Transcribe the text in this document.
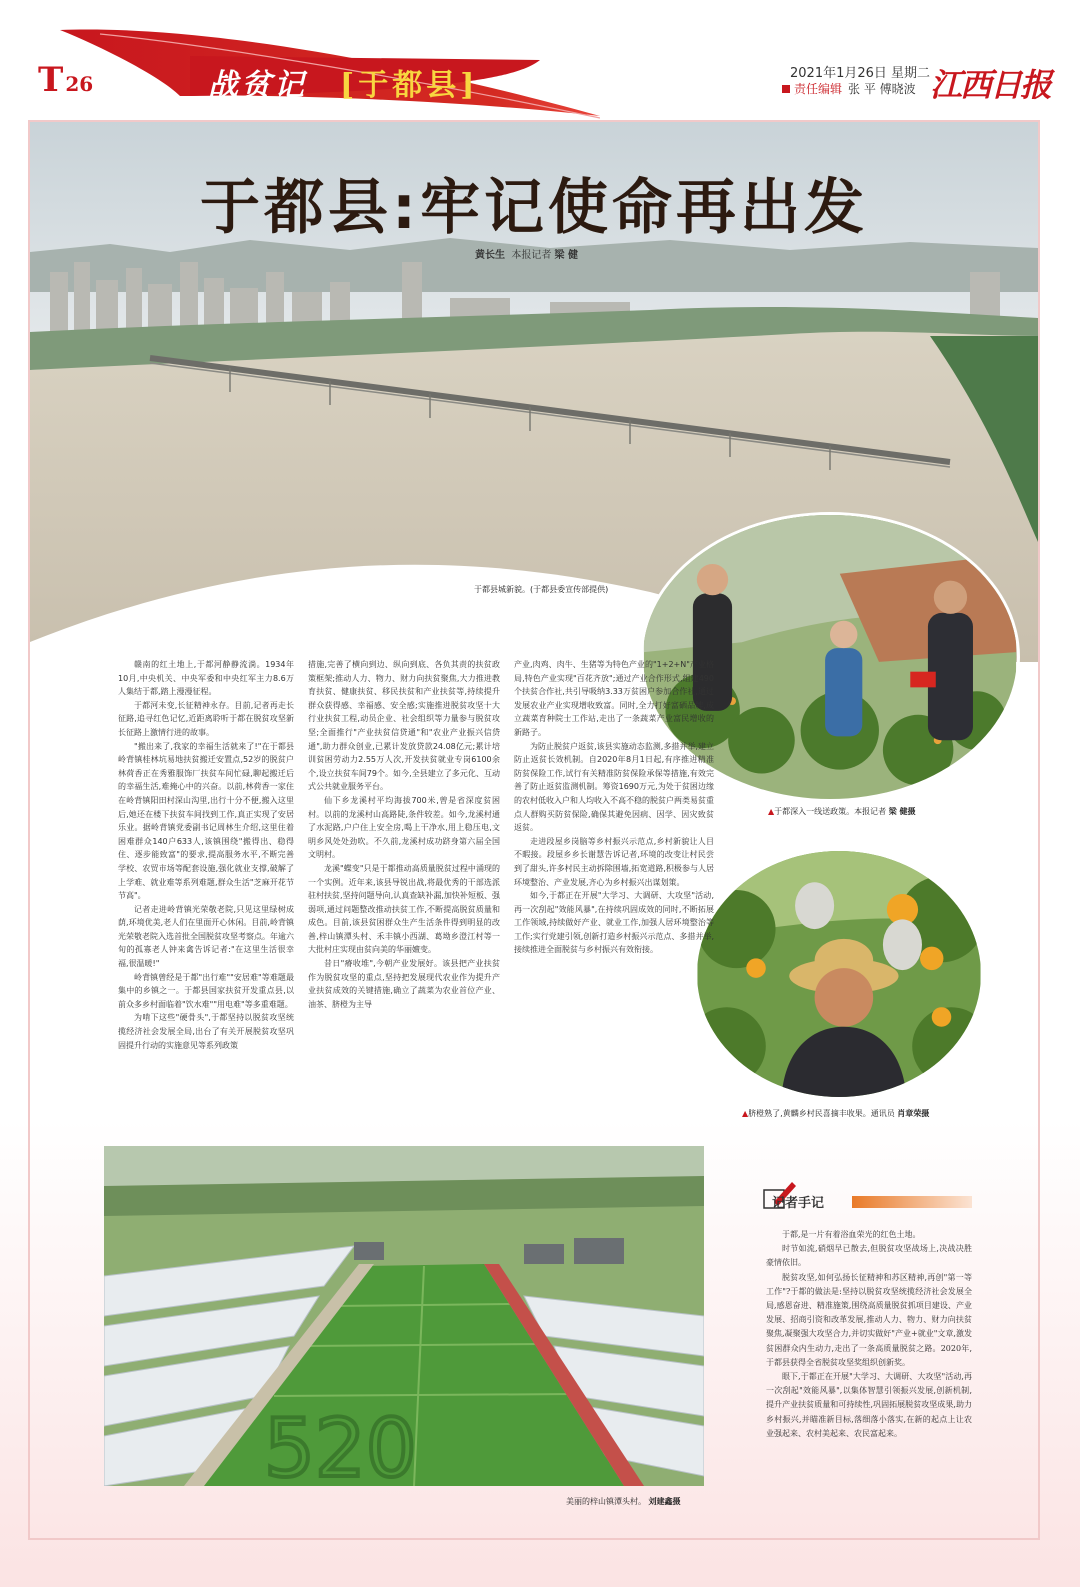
T 26	战贫记 [于都县]	2021年1月26日 星期二
责任编辑 张 平 傅晓波 江西日报
于都县:牢记使命再出发
黄长生 本报记者 梁 健
于都县城新貌。(于都县委宣传部提供)
▲于都深入一线送政策。本报记者 梁 健摄
▲脐橙熟了,黄麟乡村民喜摘丰收果。通讯员 肖章荣摄

赣南的红土地上,于都河静静流淌。1934年10月,中央机关、中央军委和中央红军主力8.6万人集结于都,踏上漫漫征程。

于都河未变,长征精神永存。目前,记者再走长征路,追寻红色记忆,近距离聆听于都在脱贫攻坚新长征路上激情行进的故事。

"搬出来了,我家的幸福生活就来了!"在于都县岭背镇桂林坑易地扶贫搬迁安置点,52岁的脱贫户林荷香正在秀雅服饰厂扶贫车间忙碌,聊起搬迁后的幸福生活,难掩心中的兴奋。以前,林荷香一家住在岭背镇阳田村深山沟里,出行十分不便,搬入这里后,她还在楼下扶贫车间找到工作,真正实现了安居乐业。据岭背镇党委副书记周林生介绍,这里住着困难群众140户633人,该镇围绕"搬得出、稳得住、逐步能致富"的要求,提高服务水平,不断完善学校、农贸市场等配套设施,强化就业支撑,破解了上学难、就业难等系列难题,群众生活"芝麻开花节节高"。

记者走进岭背镇光荣敬老院,只见这里绿树成荫,环境优美,老人们在里面开心休闲。目前,岭背镇光荣敬老院入选首批全国脱贫攻坚考察点。年逾六旬的孤寡老人钟来禽告诉记者:"在这里生活很幸福,很温暖!"

岭背镇曾经是于都"出行难""安居难"等难题最集中的乡镇之一。于都县国家扶贫开发重点县,以前众多乡村面临着"饮水难""用电难"等多重难题。

为啃下这些"硬骨头",于都坚持以脱贫攻坚统揽经济社会发展全局,出台了有关开展脱贫攻坚巩固提升行动的实施意见等系列政策

措施,完善了横向到边、纵向到底、各负其责的扶贫政策框架;推动人力、物力、财力向扶贫聚焦,大力推进教育扶贫、健康扶贫、移民扶贫和产业扶贫等,持续提升群众获得感、幸福感、安全感;实施推进脱贫攻坚十大行业扶贫工程,动员企业、社会组织等力量参与脱贫攻坚;全面推行"产业扶贫信贷通"和"农业产业振兴信贷通",助力群众创业,已累计发放贷款24.08亿元;累计培训贫困劳动力2.55万人次,开发扶贫就业专岗6100余个,设立扶贫车间79个。如今,全县建立了多元化、互动式公共就业服务平台。

仙下乡龙溪村平均海拔700米,曾是省深度贫困村。以前的龙溪村山高路陡,条件较差。如今,龙溪村通了水泥路,户户住上安全房,喝上干净水,用上稳压电,文明乡风处处劲吹。不久前,龙溪村成功跻身第六届全国文明村。

龙溪"蝶变"只是于都推动高质量脱贫过程中涌现的一个实例。近年来,该县导锐出战,将最优秀的干部选派驻村扶贫,坚持问题导向,认真查缺补漏,加快补短板、强弱项,通过问题整改推动扶贫工作,不断提高脱贫质量和成色。目前,该县贫困群众生产生活条件得到明显的改善,梓山镇潭头村、禾丰镇小西湖、葛坳乡澄江村等一大批村庄实现由贫向美的华丽嬗变。

昔日"瘠收堆",今朝产业发展好。该县把产业扶贫作为脱贫攻坚的重点,坚持把发展现代农业作为提升产业扶贫成效的关键措施,确立了蔬菜为农业首位产业、油茶、脐橙为主导

产业,肉鸡、肉牛、生猪等为特色产业的"1+2+N"产业格局,特色产业实现"百花齐放";通过产业合作形式,组建490个扶贫合作社,共引导吸纳3.33万贫困户参加合作社,通过发展农业产业实现增收致富。同时,全力打好富硒品牌,成立蔬菜育种院士工作站,走出了一条蔬菜产业富民增收的新路子。

为防止脱贫户返贫,该县实施动态监测,多措并举,建立防止返贫长效机制。自2020年8月1日起,有序推进精准防贫保险工作,试行有关精准防贫保险承保等措施,有效完善了防止返贫监测机制。筹资1690万元,为处于贫困边缘的农村低收入户和人均收入不高不稳的脱贫户两类易贫重点人群购买防贫保险,确保其避免因病、因学、因灾致贫返贫。

走进段屋乡岗脑等乡村振兴示范点,乡村新貌让人目不暇接。段屋乡乡长谢慧告诉记者,环境的改变让村民尝到了甜头,许多村民主动拆除围墙,拓宽道路,积极参与人居环境整治、产业发展,齐心为乡村振兴出谋划策。

如今,于都正在开展"大学习、大调研、大攻坚"活动,再一次刮起"效能风暴",在持续巩固成效的同时,不断拓展工作领域,持续做好产业、就业工作,加强人居环境整治等工作;实行党建引领,创新打造乡村振兴示范点、多措并举,接续推进全面脱贫与乡村振兴有效衔接。

520
美丽的梓山镇潭头村。 刘建鑫摄
记者手记

于都,是一片有着浴血荣光的红色土地。

时节如流,硝烟早已散去,但脱贫攻坚战场上,决战决胜豪情依旧。

脱贫攻坚,如何弘扬长征精神和苏区精神,再创"第一等工作"?于都的做法是:坚持以脱贫攻坚统揽经济社会发展全局,感恩奋进、精准施策,围绕高质量脱贫抓项目建设、产业发展、招商引资和改革发展,推动人力、物力、财力向扶贫聚焦,凝聚强大攻坚合力,并切实做好"产业+就业"文章,激发贫困群众内生动力,走出了一条高质量脱贫之路。2020年,于都县获得全省脱贫攻坚奖组织创新奖。

眼下,于都正在开展"大学习、大调研、大攻坚"活动,再一次刮起"效能风暴",以集体智慧引领振兴发展,创新机制,提升产业扶贫质量和可持续性,巩固拓展脱贫攻坚成果,助力乡村振兴,并瞄准新目标,落细落小落实,在新的起点上让农业强起来、农村美起来、农民富起来。
